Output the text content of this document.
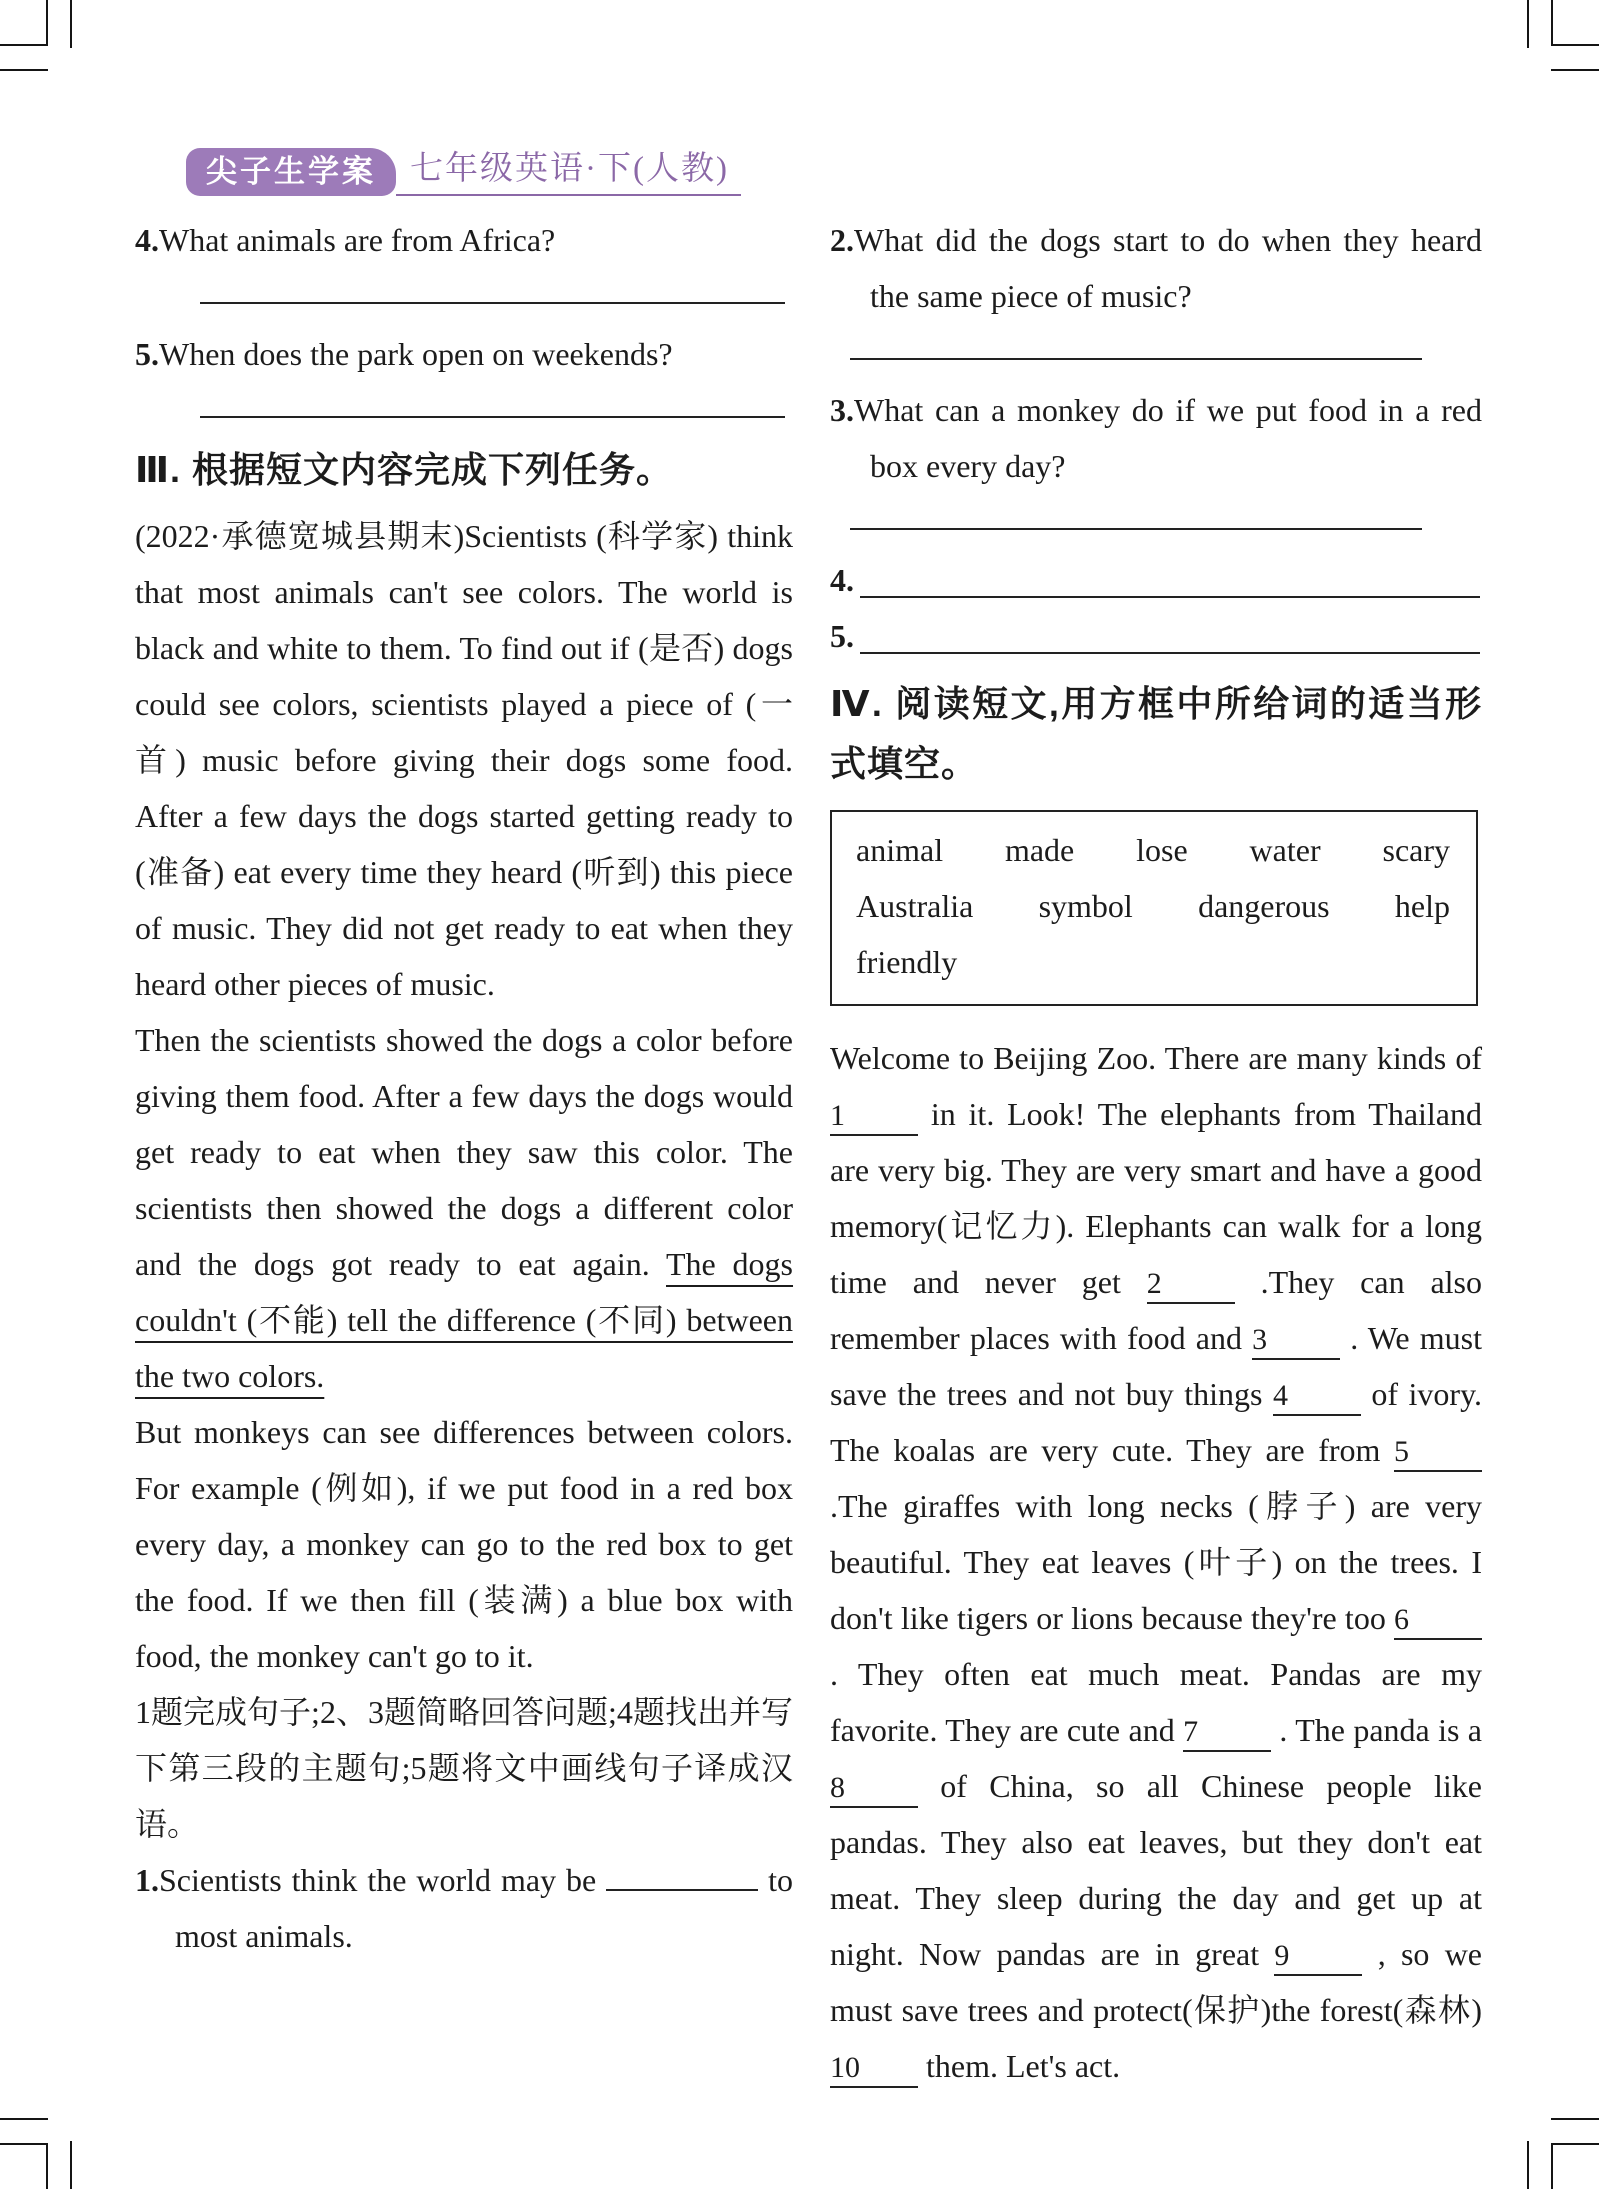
尖子生学案	七年级英语·下(人教)

4.What animals are from Africa?

5.When does the park open on weekends?

Ⅲ. 根据短文内容完成下列任务。

(2022·承德宽城县期末)Scientists (科学家) think that most animals can't see colors. The world is black and white to them. To find out if (是否) dogs could see colors, scientists played a piece of (一首) music before giving their dogs some food. After a few days the dogs started getting ready to (准备) eat every time they heard (听到) this piece of music. They did not get ready to eat when they heard other pieces of music.

Then the scientists showed the dogs a color before giving them food. After a few days the dogs would get ready to eat when they saw this color. The scientists then showed the dogs a different color and the dogs got ready to eat again. The dogs couldn't (不能) tell the difference (不同) between the two colors.

But monkeys can see differences between colors. For example (例如), if we put food in a red box every day, a monkey can go to the red box to get the food. If we then fill (装满) a blue box with food, the monkey can't go to it.

1题完成句子;2、3题简略回答问题;4题找出并写下第三段的主题句;5题将文中画线句子译成汉语。

1.Scientists think the world may be	to most animals.

2.What did the dogs start to do when they heard the same piece of music?

3.What can a monkey do if we put food in a red box every day?

4.
5.
Ⅳ. 阅读短文,用方框中所给词的适当形式填空。
animal made lose water scary
Australia symbol dangerous help
friendly

Welcome to Beijing Zoo. There are many kinds of 1 in it. Look! The elephants from Thailand are very big. They are very smart and have a good memory(记忆力). Elephants can walk for a long time and never get 2 .They can also remember places with food and 3 . We must save the trees and not buy things 4 of ivory. The koalas are very cute. They are from 5 .The giraffes with long necks (脖子) are very beautiful. They eat leaves (叶子) on the trees. I don't like tigers or lions because they're too 6 . They often eat much meat. Pandas are my favorite. They are cute and 7 . The panda is a 8 of China, so all Chinese people like pandas. They also eat leaves, but they don't eat meat. They sleep during the day and get up at night. Now pandas are in great 9 , so we must save trees and protect(保护)the forest(森林) 10 them. Let's act.
